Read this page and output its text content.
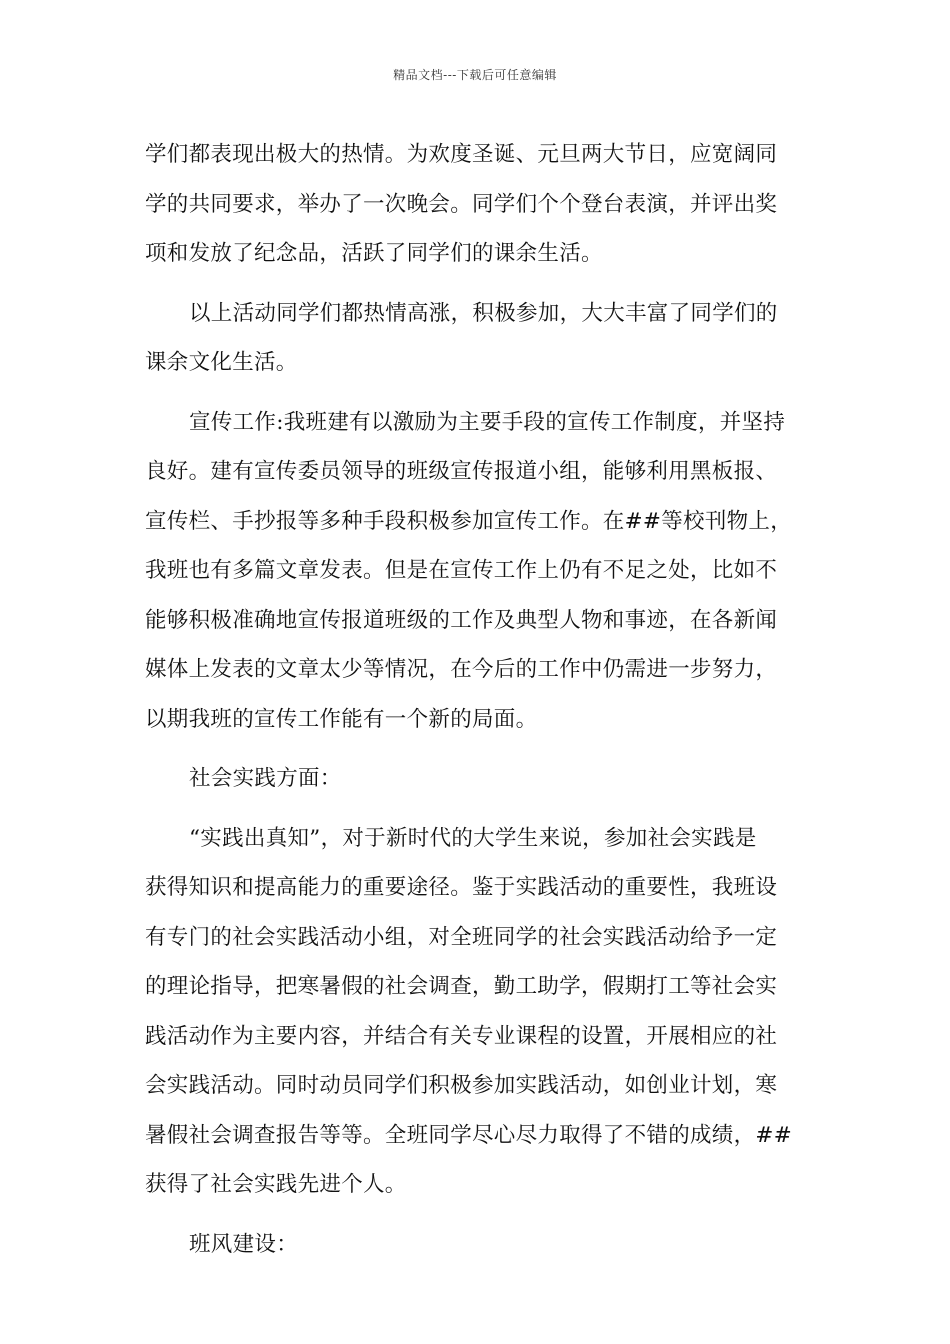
精品文档---下载后可任意编辑
学们都表现出极大的热情。为欢度圣诞、元旦两大节日，应宽阔同
学的共同要求，举办了一次晚会。同学们个个登台表演，并评出奖
项和发放了纪念品，活跃了同学们的课余生活。
以上活动同学们都热情高涨，积极参加，大大丰富了同学们的
课余文化生活。
宣传工作:我班建有以激励为主要手段的宣传工作制度，并坚持
良好。建有宣传委员领导的班级宣传报道小组，能够利用黑板报、
宣传栏、手抄报等多种手段积极参加宣传工作。在##等校刊物上，
我班也有多篇文章发表。但是在宣传工作上仍有不足之处，比如不
能够积极准确地宣传报道班级的工作及典型人物和事迹，在各新闻
媒体上发表的文章太少等情况，在今后的工作中仍需进一步努力，
以期我班的宣传工作能有一个新的局面。
社会实践方面：
“实践出真知”，对于新时代的大学生来说，参加社会实践是
获得知识和提高能力的重要途径。鉴于实践活动的重要性，我班设
有专门的社会实践活动小组，对全班同学的社会实践活动给予一定
的理论指导，把寒暑假的社会调查，勤工助学，假期打工等社会实
践活动作为主要内容，并结合有关专业课程的设置，开展相应的社
会实践活动。同时动员同学们积极参加实践活动，如创业计划，寒
暑假社会调查报告等等。全班同学尽心尽力取得了不错的成绩，##
获得了社会实践先进个人。
班风建设：
